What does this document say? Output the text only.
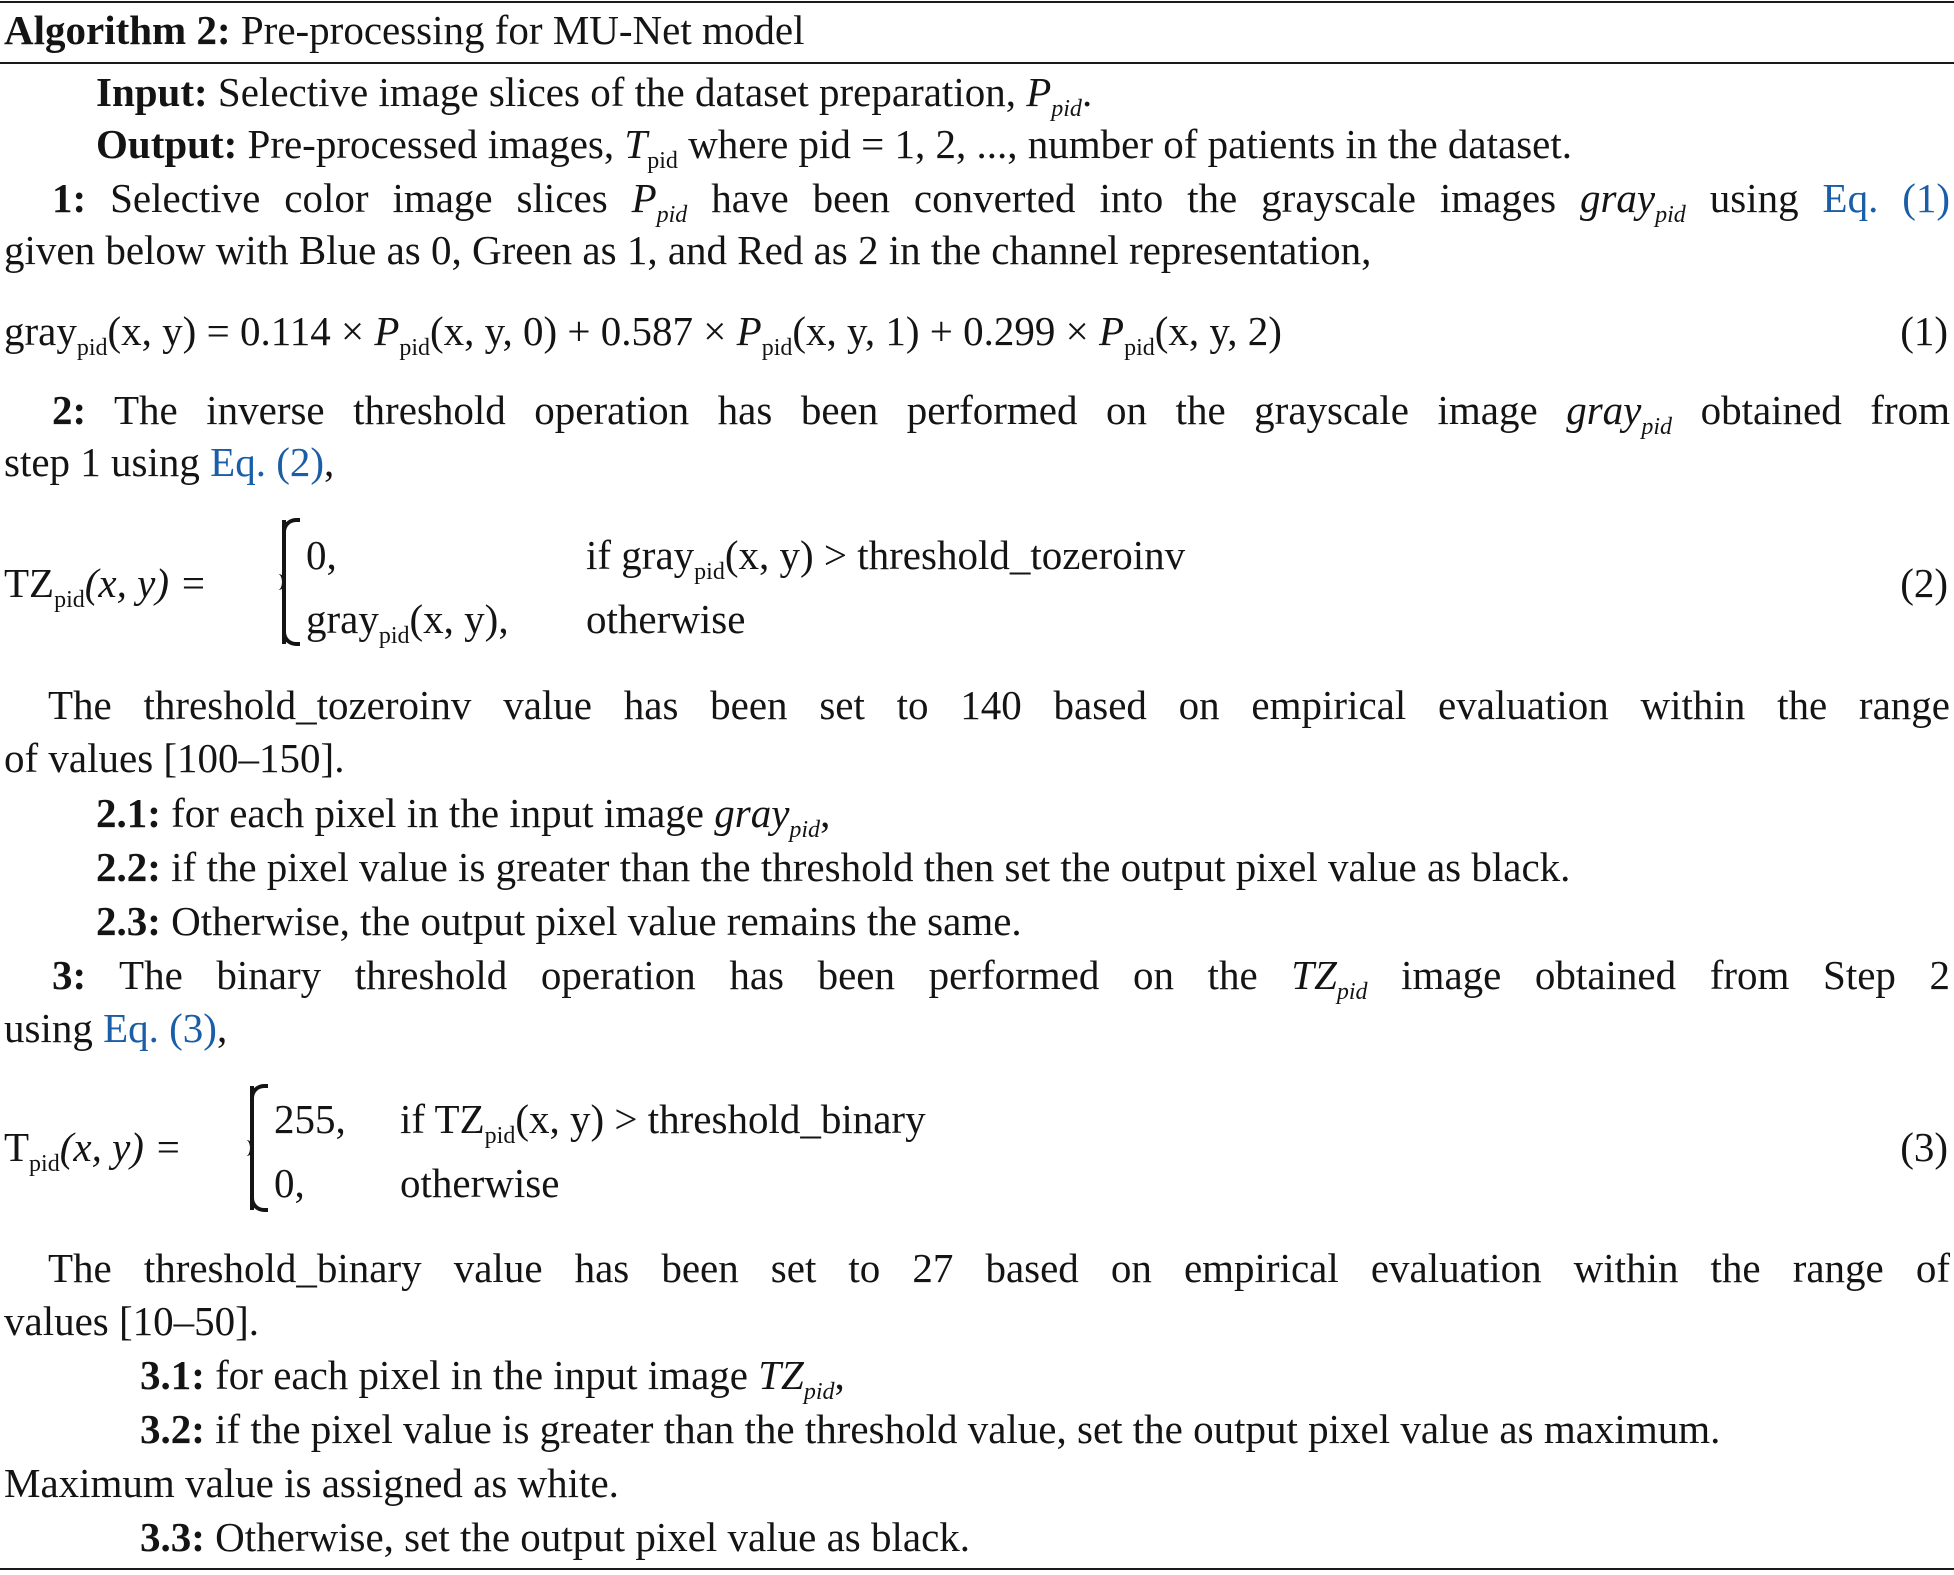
Algorithm 2: Pre-processing for MU-Net model
Input: Selective image slices of the dataset preparation, $P_{pid}$.
Output: Pre-processed images, $T_{pid}$ where pid = 1, 2, ..., number of patients in the dataset.
1: Selective color image slices $P_{pid}$ have been converted into the grayscale images gray$_{pid}$ using Eq. (1)
given below with Blue as 0, Green as 1, and Red as 2 in the channel representation,
gray$_{pid}$(x, $y) = 0.114 \times P_{pid}(x$, y, $0) + 0.587 \times P_{pid}(x$, y, $1) + 0.299 \times P_{pid}(x$, y, 2)	(1)
2: The inverse threshold operation has been performed on the grayscale image gray$_{pid}$ obtained from
step 1 using Eq. (2),
$TZ_{pid}(x$, y) =
0,	if gray$_{pid}$(x, y) > threshold_tozeroinv
gray$_{pid}$(x, y), otherwise
(2)
The threshold_tozeroinv value has been set to 140 based on empirical evaluation within the range
of values [100–150].
2.1: for each pixel in the input image gray$_{pid}$,
2.2: if the pixel value is greater than the threshold then set the output pixel value as black.
2.3: Otherwise, the output pixel value remains the same.
3: The binary threshold operation has been performed on the $TZ_{pid}$ image obtained from Step 2
using Eq. (3),
$T_{pid}(x$, y) =
255, if $TZ_{pid}(x$, y) > threshold_binary
0, otherwise
(3)
The threshold_binary value has been set to 27 based on empirical evaluation within the range of
values [10–50].
3.1: for each pixel in the input image $TZ_{pid}$,
3.2: if the pixel value is greater than the threshold value, set the output pixel value as maximum.
Maximum value is assigned as white.
3.3: Otherwise, set the output pixel value as black.
